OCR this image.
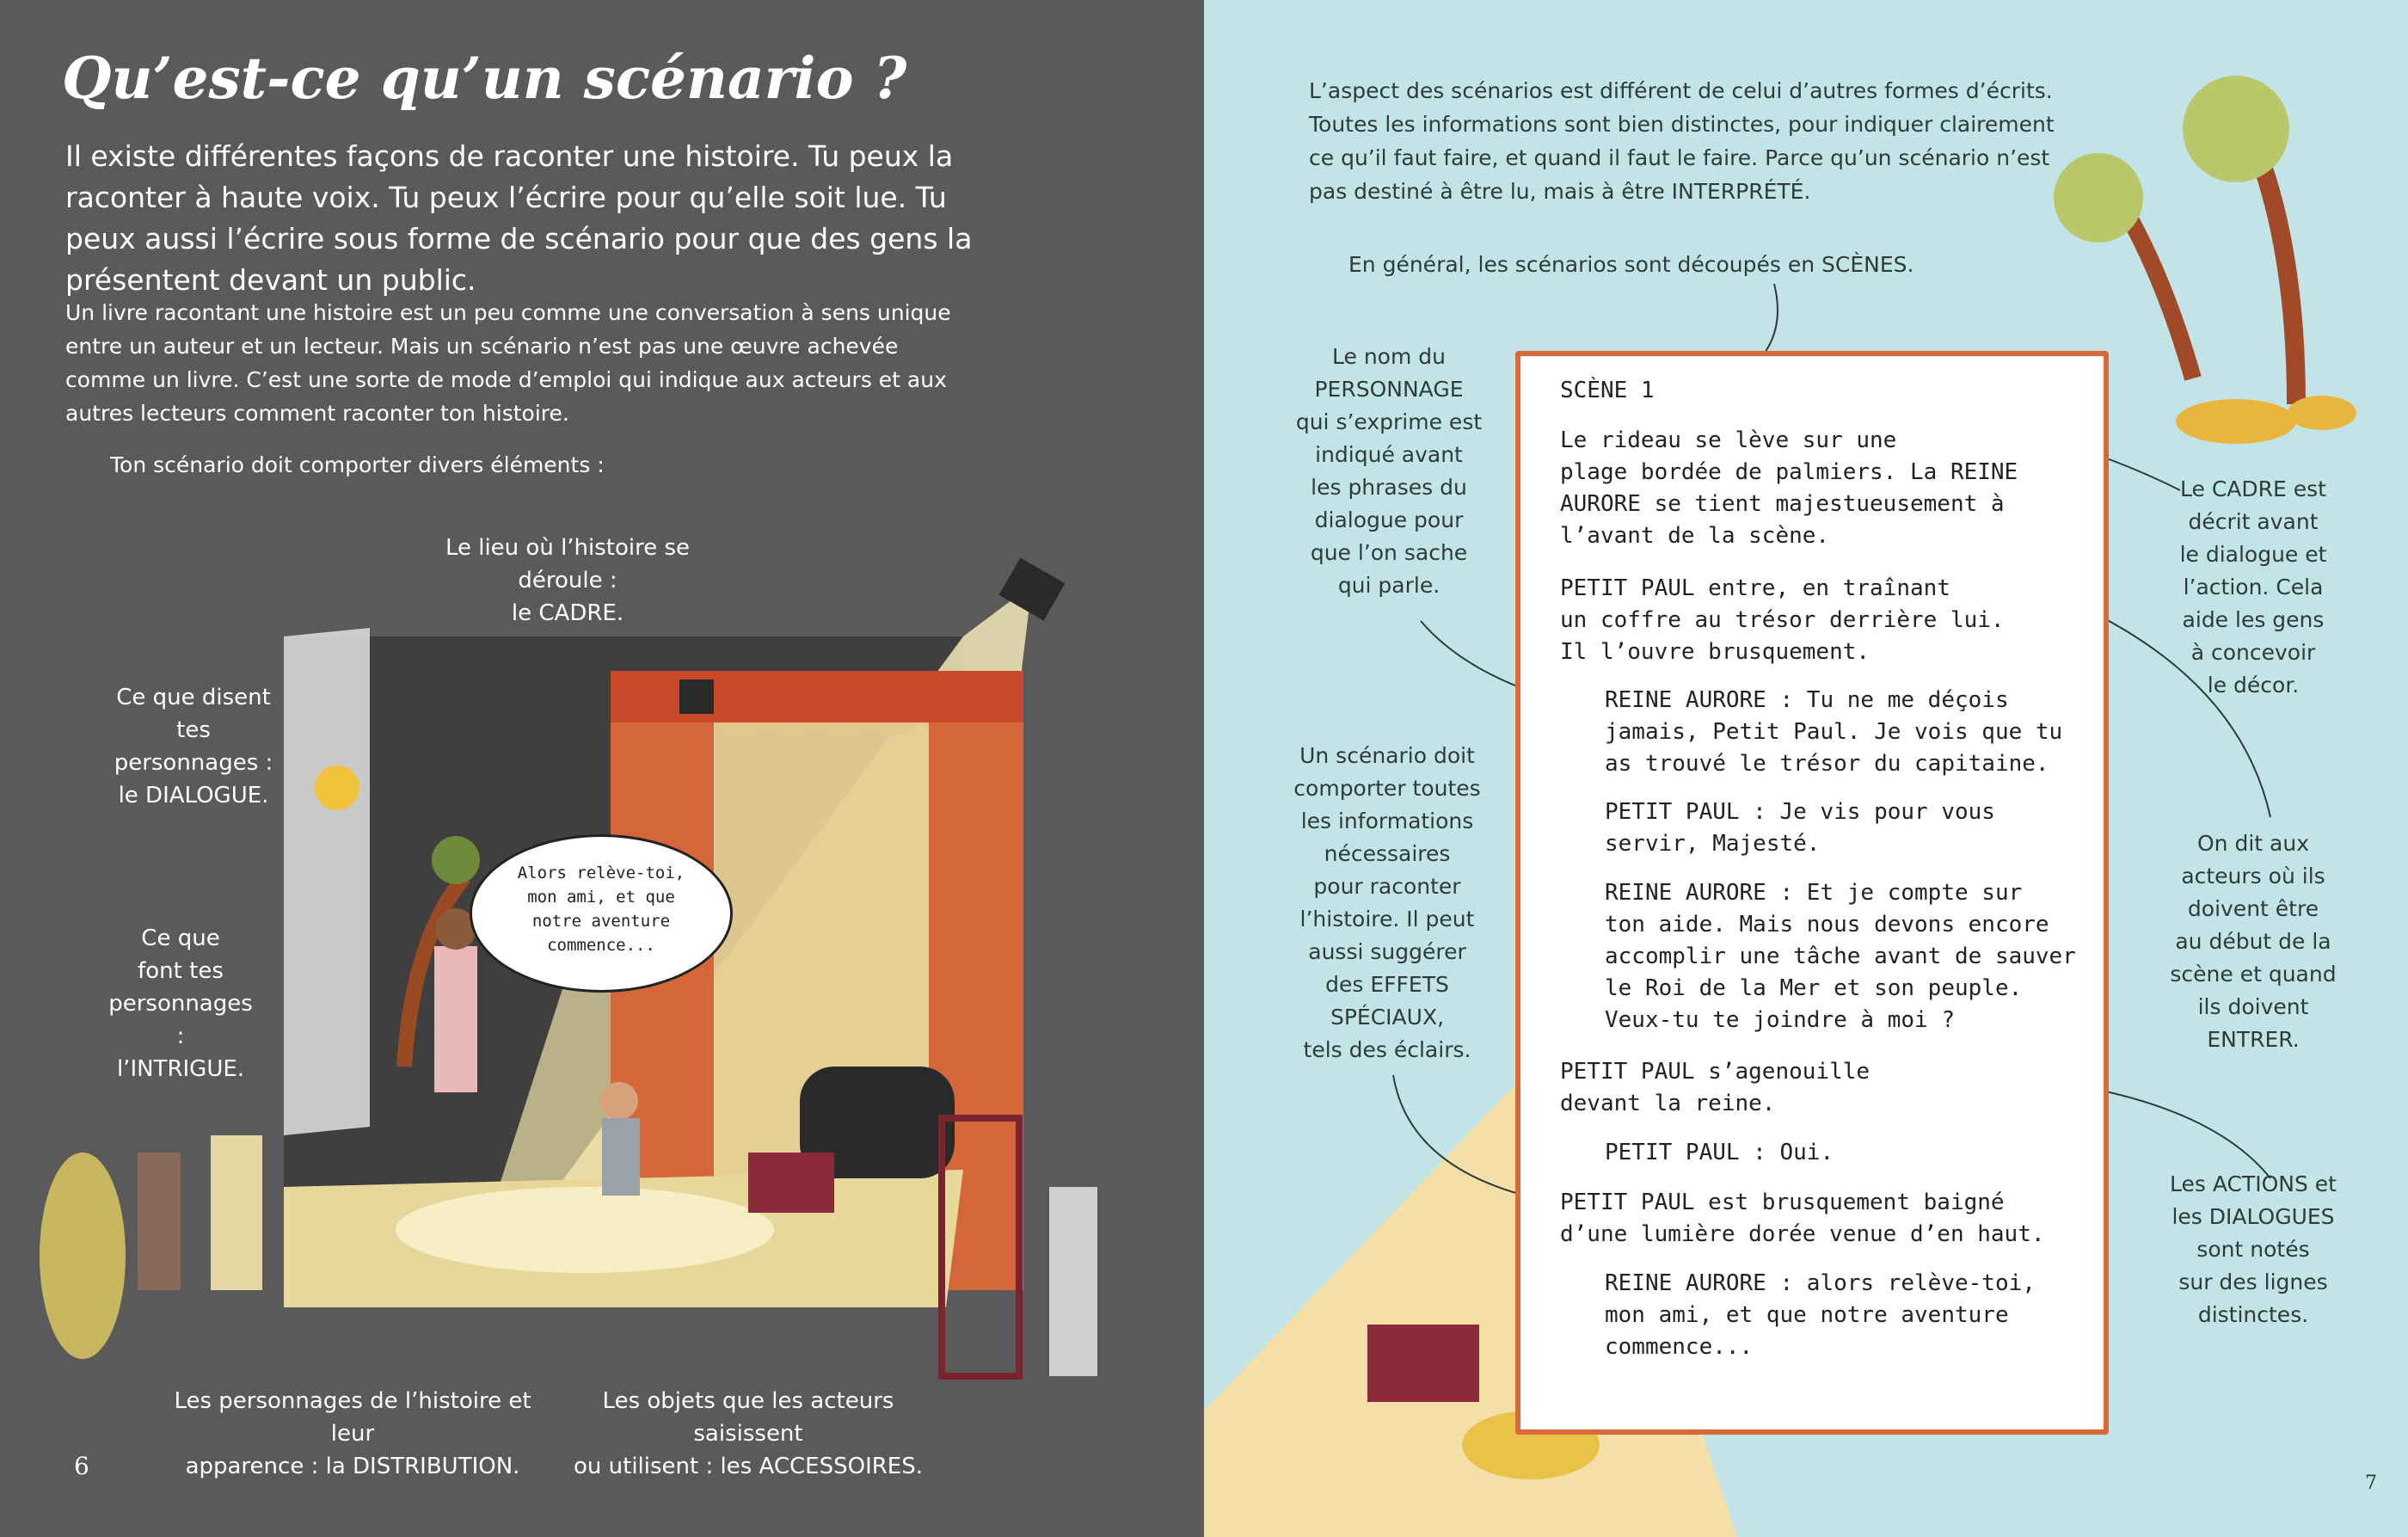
Qu’est-ce qu’un scénario ?
Il existe différentes façons de raconter une histoire. Tu peux la raconter à haute voix. Tu peux l’écrire pour qu’elle soit lue. Tu peux aussi l’écrire sous forme de scénario pour que des gens la présentent devant un public.
Un livre racontant une histoire est un peu comme une conversation à sens unique entre un auteur et un lecteur. Mais un scénario n’est pas une œuvre achevée comme un livre. C’est une sorte de mode d’emploi qui indique aux acteurs et aux autres lecteurs comment raconter ton histoire.
Ton scénario doit comporter divers éléments :
Alors relève-toi, mon ami, et que notre aventure commence...
Le lieu où l’histoire se déroule :
le CADRE.
Ce que disent
tes personnages :
le DIALOGUE.
Ce que
font tes
personnages :
l’INTRIGUE.
Les personnages de l’histoire et leur
apparence : la DISTRIBUTION.
Les objets que les acteurs saisissent
ou utilisent : les ACCESSOIRES.
6
L’aspect des scénarios est différent de celui d’autres formes d’écrits.
Toutes les informations sont bien distinctes, pour indiquer clairement
ce qu’il faut faire, et quand il faut le faire. Parce qu’un scénario n’est
pas destiné à être lu, mais à être INTERPRÉTÉ.
En général, les scénarios sont découpés en SCÈNES.
Le nom du
PERSONNAGE
qui s’exprime est
indiqué avant
les phrases du
dialogue pour
que l’on sache
qui parle.
Un scénario doit
comporter toutes
les informations
nécessaires
pour raconter
l’histoire. Il peut
aussi suggérer
des EFFETS
SPÉCIAUX,
tels des éclairs.
Le CADRE est
décrit avant
le dialogue et
l’action. Cela
aide les gens
à concevoir
le décor.
On dit aux
acteurs où ils
doivent être
au début de la
scène et quand
ils doivent
ENTRER.
Les ACTIONS et
les DIALOGUES
sont notés
sur des lignes
distinctes.
7
SCÈNE 1
Le rideau se lève sur une
plage bordée de palmiers. La REINE
AURORE se tient majestueusement à
l’avant de la scène.
PETIT PAUL entre, en traînant
un coffre au trésor derrière lui.
Il l’ouvre brusquement.
REINE AURORE : Tu ne me déçois
jamais, Petit Paul. Je vois que tu
as trouvé le trésor du capitaine.
PETIT PAUL : Je vis pour vous
servir, Majesté.
REINE AURORE : Et je compte sur
ton aide. Mais nous devons encore
accomplir une tâche avant de sauver
le Roi de la Mer et son peuple.
Veux-tu te joindre à moi ?
PETIT PAUL s’agenouille
devant la reine.
PETIT PAUL : Oui.
PETIT PAUL est brusquement baigné
d’une lumière dorée venue d’en haut.
REINE AURORE : alors relève-toi,
mon ami, et que notre aventure
commence...
